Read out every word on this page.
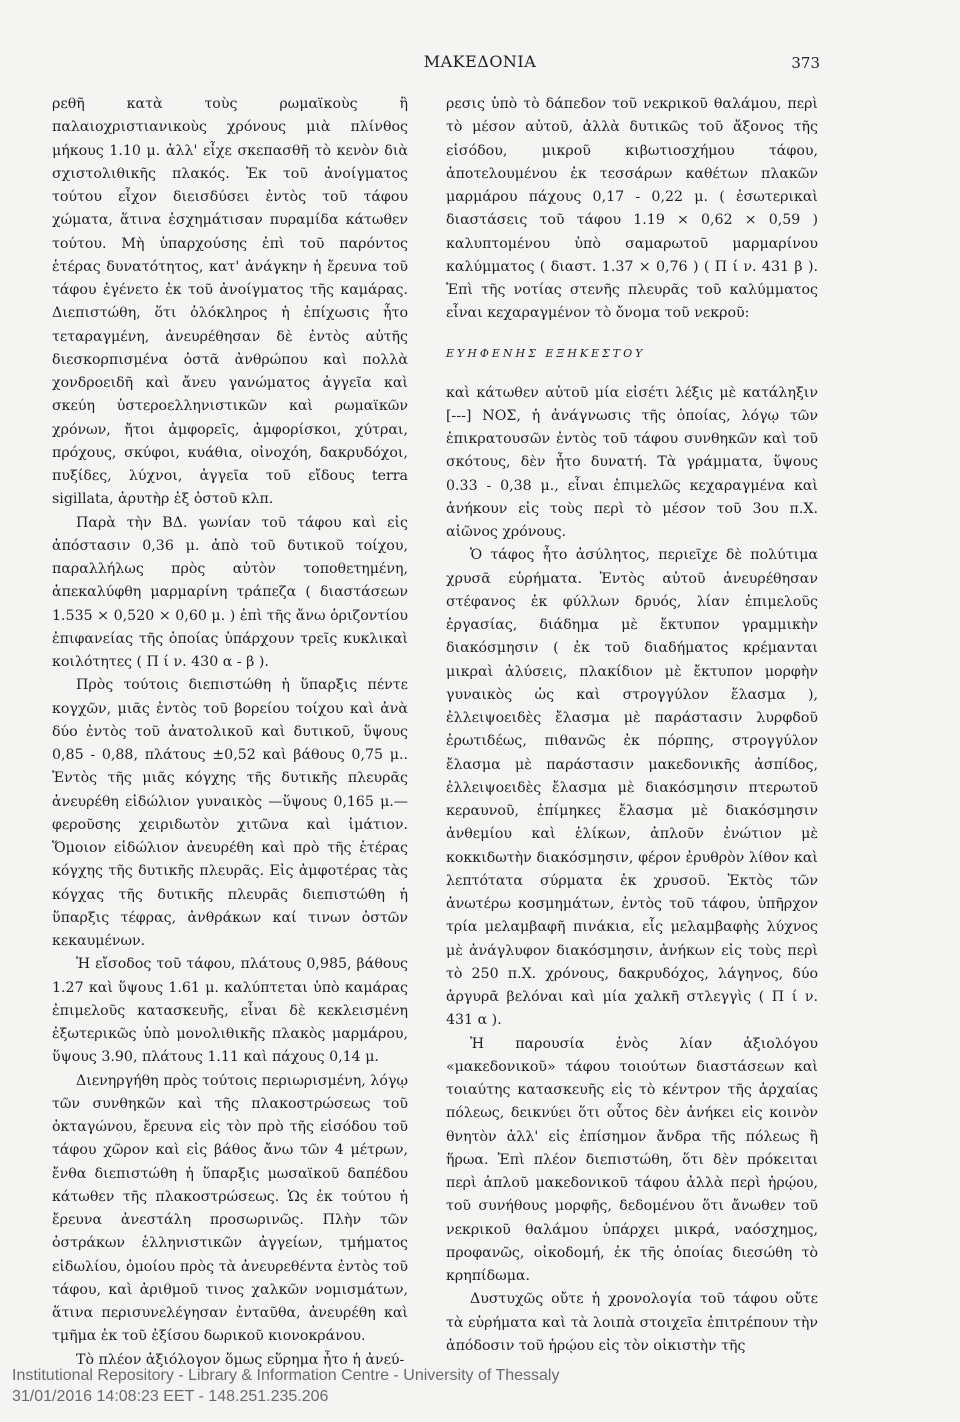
ΜΑΚΕΔΟΝΙΑ	373

ρεθῆ κατὰ τοὺς ρωμαϊκοὺς ἢ παλαιοχριστιανικοὺς χρόνους μιὰ πλίνθος μήκους 1.10 μ. ἀλλ' εἶχε σκεπασθῆ τὸ κενὸν διὰ σχιστολιθικῆς πλακός. Ἐκ τοῦ ἀνοίγματος τούτου εἶχον διεισδύσει ἐντὸς τοῦ τάφου χώματα, ἅτινα ἐσχημάτισαν πυραμίδα κάτωθεν τούτου. Μὴ ὑπαρχούσης ἐπὶ τοῦ παρόντος ἑτέρας δυνατότητος, κατ' ἀνάγκην ἡ ἔρευνα τοῦ τάφου ἐγένετο ἐκ τοῦ ἀνοίγματος τῆς καμάρας. Διεπιστώθη, ὅτι ὁλόκληρος ἡ ἐπίχωσις ἦτο τεταραγμένη, ἀνευρέθησαν δὲ ἐντὸς αὐτῆς διεσκορπισμένα ὀστᾶ ἀνθρώπου καὶ πολλὰ χονδροειδῆ καὶ ἄνευ γανώματος ἀγγεῖα καὶ σκεύη ὑστεροελληνιστικῶν καὶ ρωμαϊκῶν χρόνων, ἤτοι ἀμφορεῖς, ἀμφορίσκοι, χύτραι, πρόχους, σκύφοι, κυάθια, οἰνοχόη, δακρυδόχοι, πυξίδες, λύχνοι, ἀγγεῖα τοῦ εἴδους terra sigillata, ἀρυτὴρ ἐξ ὀστοῦ κλπ.

Παρὰ τὴν ΒΔ. γωνίαν τοῦ τάφου καὶ εἰς ἀπόστασιν 0,36 μ. ἀπὸ τοῦ δυτικοῦ τοίχου, παραλλήλως πρὸς αὐτὸν τοποθετημένη, ἀπεκαλύφθη μαρμαρίνη τράπεζα ( διαστάσεων 1.535 × 0,520 × 0,60 μ. ) ἐπὶ τῆς ἄνω ὁριζοντίου ἐπιφανείας τῆς ὁποίας ὑπάρχουν τρεῖς κυκλικαὶ κοιλότητες ( Π ί ν. 430 α - β ).

Πρὸς τούτοις διεπιστώθη ἡ ὕπαρξις πέντε κογχῶν, μιᾶς ἐντὸς τοῦ βορείου τοίχου καὶ ἀνὰ δύο ἐντὸς τοῦ ἀνατολικοῦ καὶ δυτικοῦ, ὕψους 0,85 - 0,88, πλάτους ±0,52 καὶ βάθους 0,75 μ.. Ἐντὸς τῆς μιᾶς κόγχης τῆς δυτικῆς πλευρᾶς ἀνευρέθη εἰδώλιον γυναικὸς —ὕψους 0,165 μ.— φεροῦσης χειριδωτὸν χιτῶνα καὶ ἱμάτιον. Ὅμοιον εἰδώλιον ἀνευρέθη καὶ πρὸ τῆς ἑτέρας κόγχης τῆς δυτικῆς πλευρᾶς. Εἰς ἀμφοτέρας τὰς κόγχας τῆς δυτικῆς πλευρᾶς διεπιστώθη ἡ ὕπαρξις τέφρας, ἀνθράκων καί τινων ὀστῶν κεκαυμένων.

Ἡ εἴσοδος τοῦ τάφου, πλάτους 0,985, βάθους 1.27 καὶ ὕψους 1.61 μ. καλύπτεται ὑπὸ καμάρας ἐπιμελοῦς κατασκευῆς, εἶναι δὲ κεκλεισμένη ἐξωτερικῶς ὑπὸ μονολιθικῆς πλακὸς μαρμάρου, ὕψους 3.90, πλάτους 1.11 καὶ πάχους 0,14 μ.

Διενηργήθη πρὸς τούτοις περιωρισμένη, λόγῳ τῶν συνθηκῶν καὶ τῆς πλακοστρώσεως τοῦ ὀκταγώνου, ἔρευνα εἰς τὸν πρὸ τῆς εἰσόδου τοῦ τάφου χῶρον καὶ εἰς βάθος ἄνω τῶν 4 μέτρων, ἔνθα διεπιστώθη ἡ ὕπαρξις μωσαϊκοῦ δαπέδου κάτωθεν τῆς πλακοστρώσεως. Ὡς ἐκ τούτου ἡ ἔρευνα ἀνεστάλη προσωρινῶς. Πλὴν τῶν ὀστράκων ἑλληνιστικῶν ἀγγείων, τμήματος εἰδωλίου, ὁμοίου πρὸς τὰ ἀνευρεθέντα ἐντὸς τοῦ τάφου, καὶ ἀριθμοῦ τινος χαλκῶν νομισμάτων, ἅτινα περισυνελέγησαν ἐνταῦθα, ἀνευρέθη καὶ τμῆμα ἐκ τοῦ ἐξίσου δωρικοῦ κιονοκράνου.

Τὸ πλέον ἀξιόλογον ὅμως εὕρημα ἦτο ἡ ἀνεύ-

ρεσις ὑπὸ τὸ δάπεδον τοῦ νεκρικοῦ θαλάμου, περὶ τὸ μέσον αὐτοῦ, ἀλλὰ δυτικῶς τοῦ ἄξονος τῆς εἰσόδου, μικροῦ κιβωτιοσχήμου τάφου, ἀποτελουμένου ἐκ τεσσάρων καθέτων πλακῶν μαρμάρου πάχους 0,17 - 0,22 μ. ( ἐσωτερικαὶ διαστάσεις τοῦ τάφου 1.19 × 0,62 × 0,59 ) καλυπτομένου ὑπὸ σαμαρωτοῦ μαρμαρίνου καλύμματος ( διαστ. 1.37 × 0,76 ) ( Π ί ν. 431 β ). Ἐπὶ τῆς νοτίας στενῆς πλευρᾶς τοῦ καλύμματος εἶναι κεχαραγμένον τὸ ὄνομα τοῦ νεκροῦ:

ΕΥΗΦΕΝΗΣ ΕΞΗΚΕΣΤΟΥ

καὶ κάτωθεν αὐτοῦ μία εἰσέτι λέξις μὲ κατάληξιν [---] ΝΟΣ, ἡ ἀνάγνωσις τῆς ὁποίας, λόγῳ τῶν ἐπικρατουσῶν ἐντὸς τοῦ τάφου συνθηκῶν καὶ τοῦ σκότους, δὲν ἦτο δυνατή. Τὰ γράμματα, ὕψους 0.33 - 0,38 μ., εἶναι ἐπιμελῶς κεχαραγμένα καὶ ἀνήκουν εἰς τοὺς περὶ τὸ μέσον τοῦ 3ου π.Χ. αἰῶνος χρόνους.

Ὁ τάφος ἦτο ἀσύλητος, περιεῖχε δὲ πολύτιμα χρυσᾶ εὑρήματα. Ἐντὸς αὐτοῦ ἀνευρέθησαν στέφανος ἐκ φύλλων δρυός, λίαν ἐπιμελοῦς ἐργασίας, διάδημα μὲ ἔκτυπον γραμμικὴν διακόσμησιν ( ἐκ τοῦ διαδήματος κρέμανται μικραὶ ἁλύσεις, πλακίδιον μὲ ἔκτυπον μορφὴν γυναικὸς ὡς καὶ στρογγύλον ἔλασμα ), ἐλλειψοειδὲς ἔλασμα μὲ παράστασιν λυρφδοῦ ἐρωτιδέως, πιθανῶς ἐκ πόρπης, στρογγύλον ἔλασμα μὲ παράστασιν μακεδονικῆς ἀσπίδος, ἐλλειψοειδὲς ἔλασμα μὲ διακόσμησιν πτερωτοῦ κεραυνοῦ, ἐπίμηκες ἔλασμα μὲ διακόσμησιν ἀνθεμίου καὶ ἑλίκων, ἀπλοῦν ἐνώτιον μὲ κοκκιδωτὴν διακόσμησιν, φέρον ἐρυθρὸν λίθον καὶ λεπτότατα σύρματα ἐκ χρυσοῦ. Ἐκτὸς τῶν ἀνωτέρω κοσμημάτων, ἐντὸς τοῦ τάφου, ὑπῆρχον τρία μελαμβαφῆ πινάκια, εἷς μελαμβαφὴς λύχνος μὲ ἀνάγλυφον διακόσμησιν, ἀνήκων εἰς τοὺς περὶ τὸ 250 π.Χ. χρόνους, δακρυδόχος, λάγηνος, δύο ἀργυρᾶ βελόναι καὶ μία χαλκῆ στλεγγὶς ( Π ί ν. 431 α ).

Ἡ παρουσία ἑνὸς λίαν ἀξιολόγου «μακεδονικοῦ» τάφου τοιούτων διαστάσεων καὶ τοιαύτης κατασκευῆς εἰς τὸ κέντρον τῆς ἀρχαίας πόλεως, δεικνύει ὅτι οὗτος δὲν ἀνήκει εἰς κοινὸν θνητὸν ἀλλ' εἰς ἐπίσημον ἄνδρα τῆς πόλεως ἢ ἥρωα. Ἐπὶ πλέον διεπιστώθη, ὅτι δὲν πρόκειται περὶ ἁπλοῦ μακεδονικοῦ τάφου ἀλλὰ περὶ ἡρῴου, τοῦ συνήθους μορφῆς, δεδομένου ὅτι ἄνωθεν τοῦ νεκρικοῦ θαλάμου ὑπάρχει μικρά, ναόσχημος, προφανῶς, οἰκοδομή, ἐκ τῆς ὁποίας διεσώθη τὸ κρηπίδωμα.

Δυστυχῶς οὔτε ἡ χρονολογία τοῦ τάφου οὔτε τὰ εὑρήματα καὶ τὰ λοιπὰ στοιχεῖα ἐπιτρέπουν τὴν ἀπόδοσιν τοῦ ἡρῴου εἰς τὸν οἰκιστὴν τῆς

Institutional Repository - Library & Information Centre - University of Thessaly
31/01/2016 14:08:23 EET - 148.251.235.206
